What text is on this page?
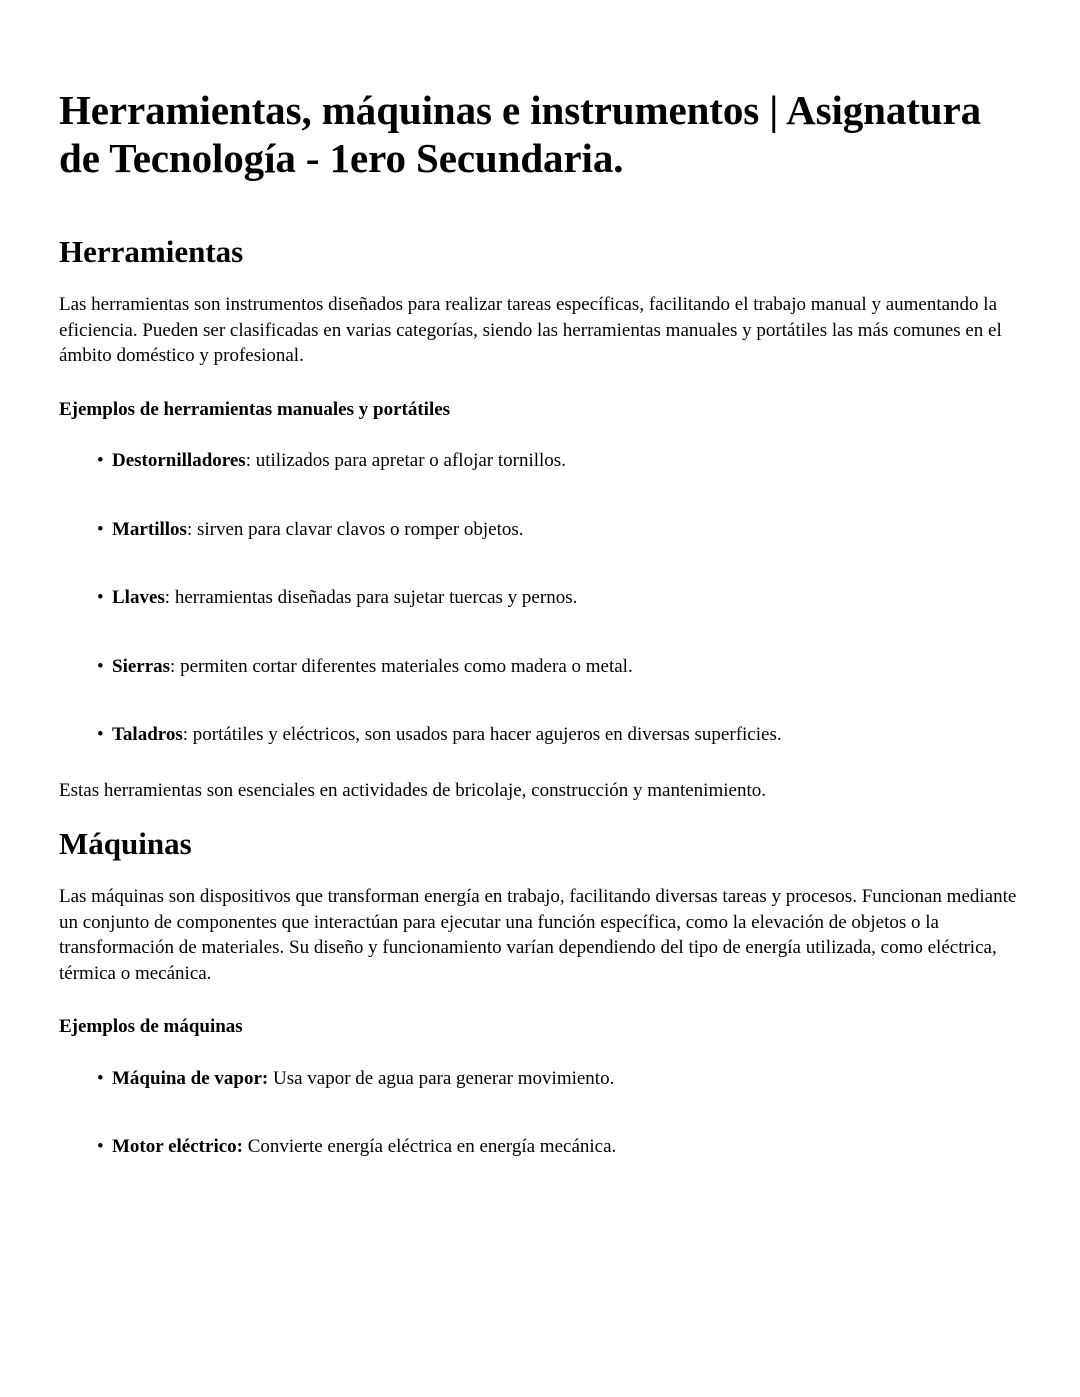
Herramientas, máquinas e instrumentos | Asignatura de Tecnología - 1ero Secundaria.
Herramientas

Las herramientas son instrumentos diseñados para realizar tareas específicas, facilitando el trabajo manual y aumentando la eficiencia. Pueden ser clasificadas en varias categorías, siendo las herramientas manuales y portátiles las más comunes en el ámbito doméstico y profesional.

Ejemplos de herramientas manuales y portátiles

• Destornilladores: utilizados para apretar o aflojar tornillos.
• Martillos: sirven para clavar clavos o romper objetos.
• Llaves: herramientas diseñadas para sujetar tuercas y pernos.
• Sierras: permiten cortar diferentes materiales como madera o metal.
• Taladros: portátiles y eléctricos, son usados para hacer agujeros en diversas superficies.

Estas herramientas son esenciales en actividades de bricolaje, construcción y mantenimiento.

Máquinas

Las máquinas son dispositivos que transforman energía en trabajo, facilitando diversas tareas y procesos. Funcionan mediante un conjunto de componentes que interactúan para ejecutar una función específica, como la elevación de objetos o la transformación de materiales. Su diseño y funcionamiento varían dependiendo del tipo de energía utilizada, como eléctrica, térmica o mecánica.

Ejemplos de máquinas

• Máquina de vapor: Usa vapor de agua para generar movimiento.
• Motor eléctrico: Convierte energía eléctrica en energía mecánica.
